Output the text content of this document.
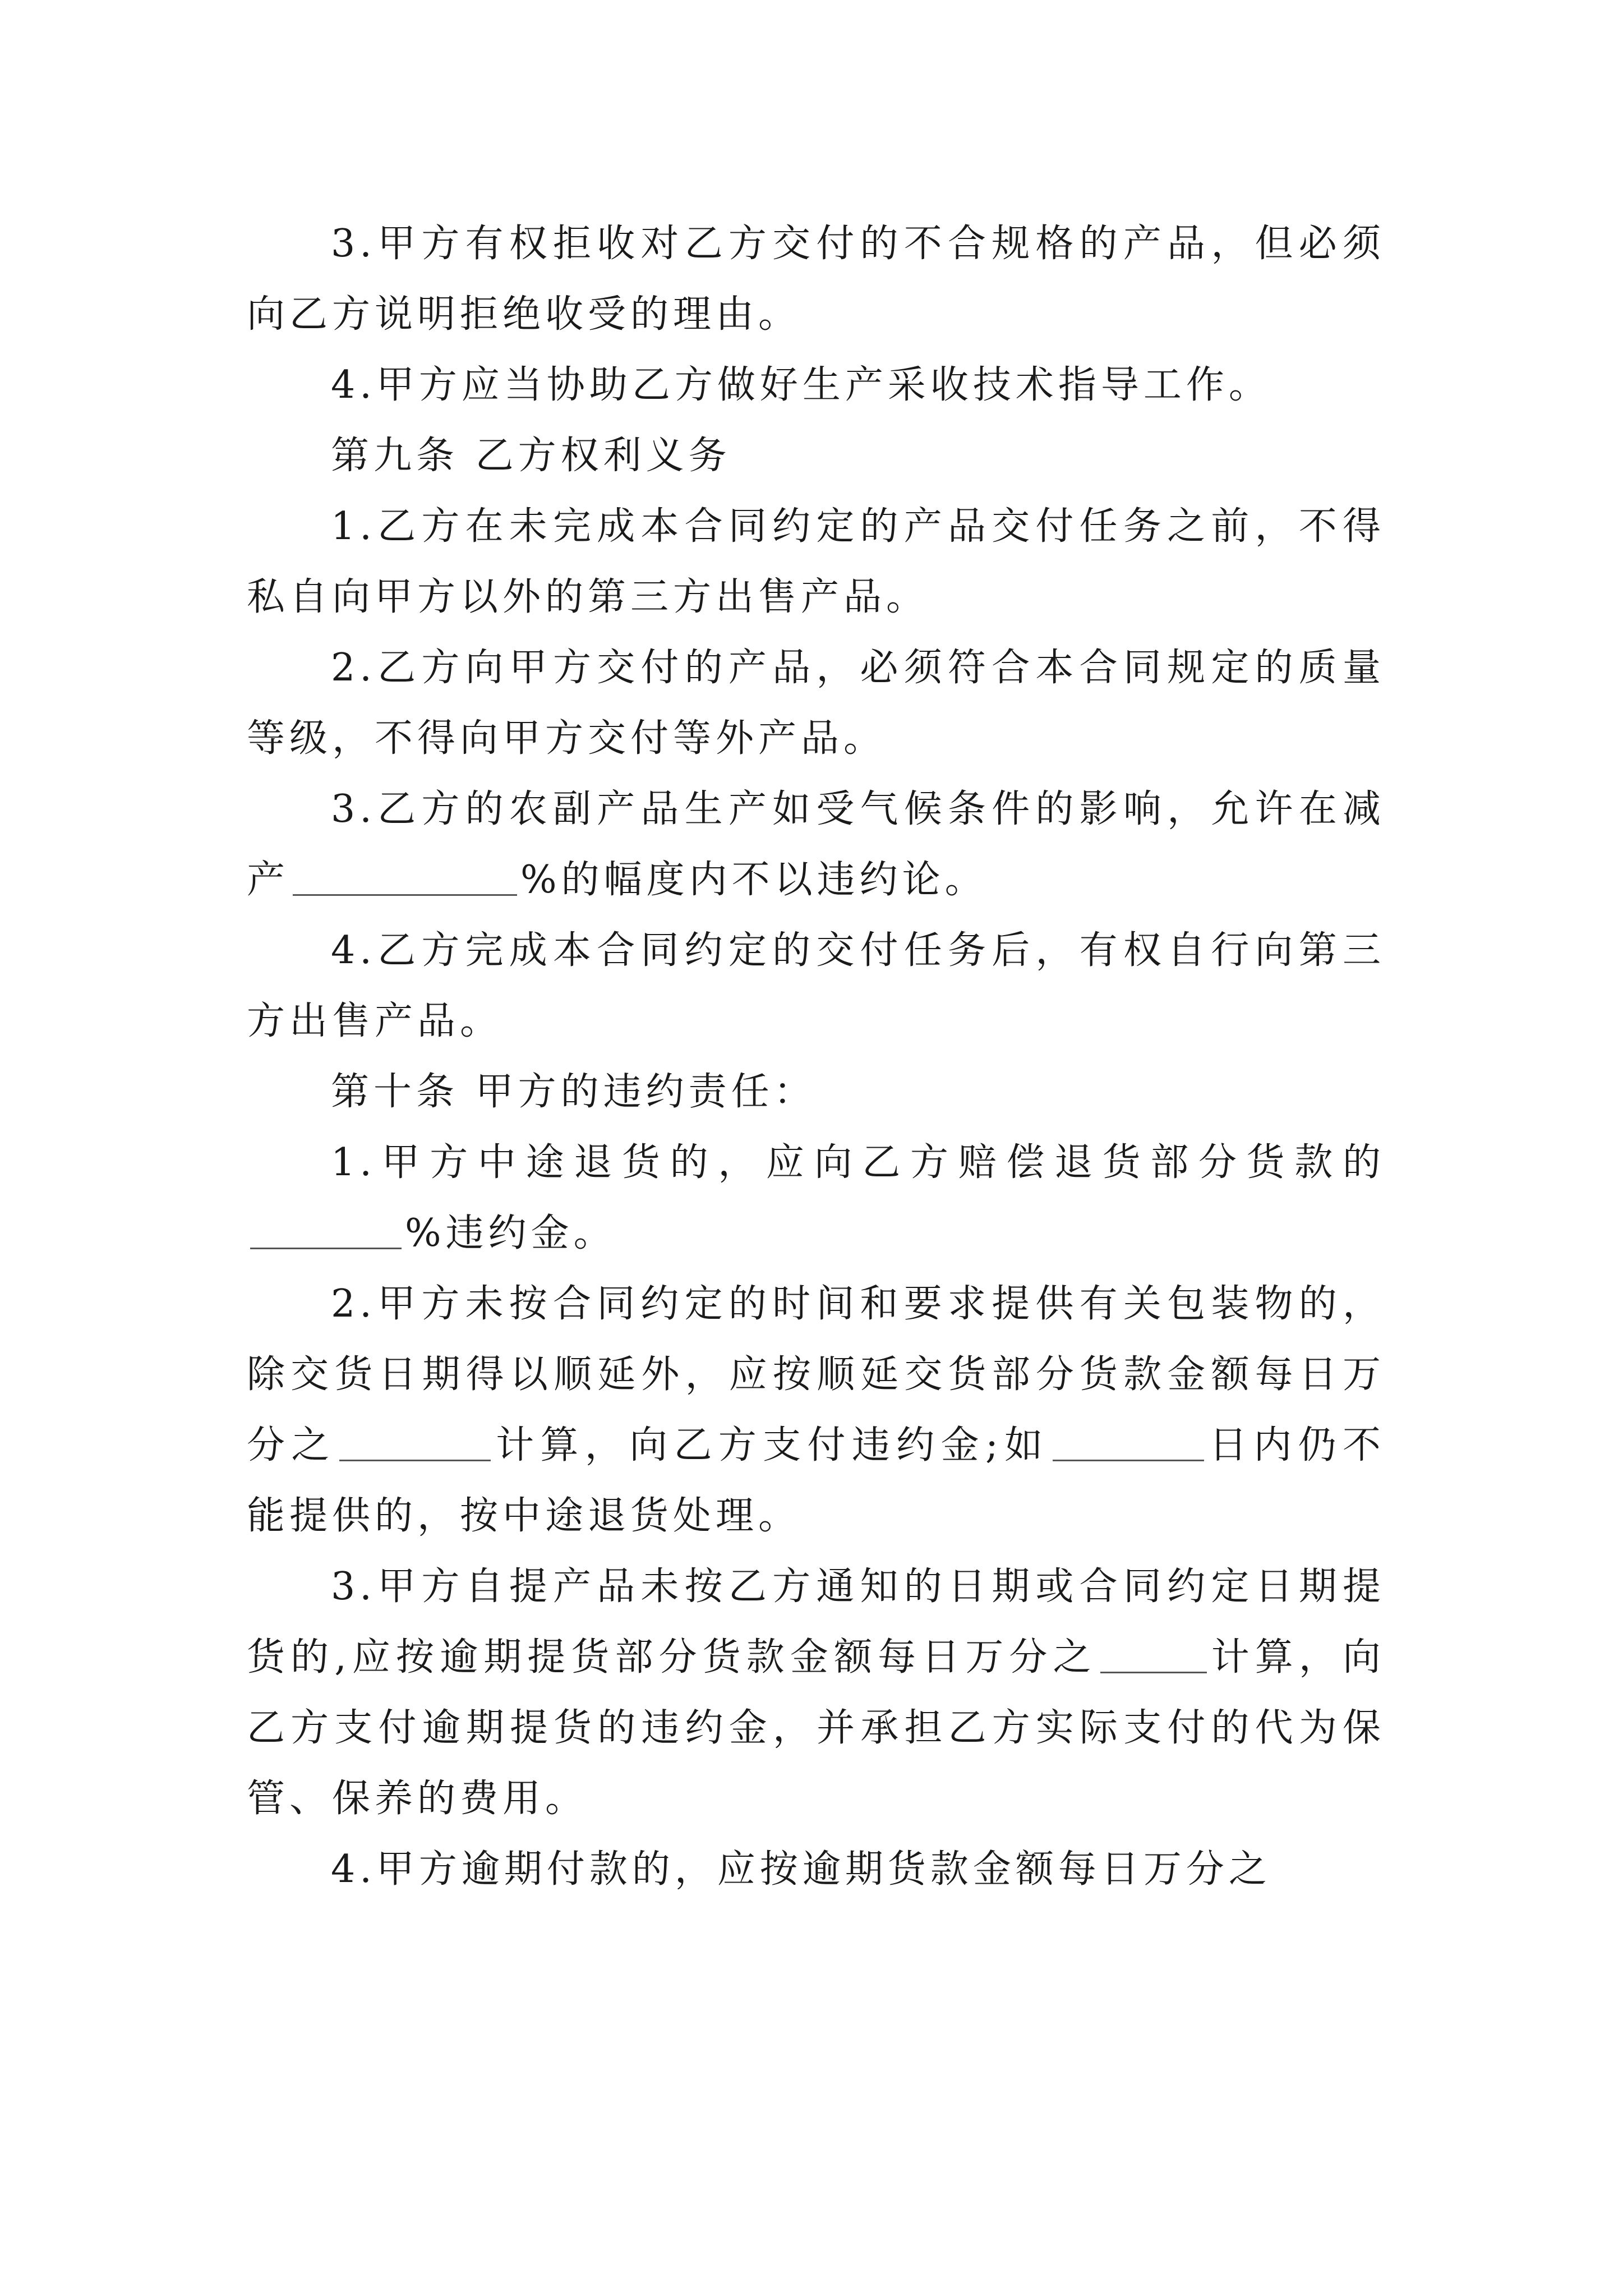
3.甲方有权拒收对乙方交付的不合规格的产品，但必须向乙方说明拒绝收受的理由。

4.甲方应当协助乙方做好生产采收技术指导工作。

第九条 乙方权利义务

1.乙方在未完成本合同约定的产品交付任务之前，不得私自向甲方以外的第三方出售产品。

2.乙方向甲方交付的产品，必须符合本合同规定的质量等级，不得向甲方交付等外产品。

3.乙方的农副产品生产如受气候条件的影响，允许在减产	%的幅度内不以违约论。

4.乙方完成本合同约定的交付任务后，有权自行向第三方出售产品。

第十条 甲方的违约责任：

1.甲方中途退货的，应向乙方赔偿退货部分货款的%违约金。

2.甲方未按合同约定的时间和要求提供有关包装物的，除交货日期得以顺延外，应按顺延交货部分货款金额每日万分之	计算，向乙方支付违约金;如	日内仍不能提供的，按中途退货处理。

3.甲方自提产品未按乙方通知的日期或合同约定日期提货的,应按逾期提货部分货款金额每日万分之	计算，向乙方支付逾期提货的违约金，并承担乙方实际支付的代为保管、保养的费用。

4.甲方逾期付款的，应按逾期货款金额每日万分之
